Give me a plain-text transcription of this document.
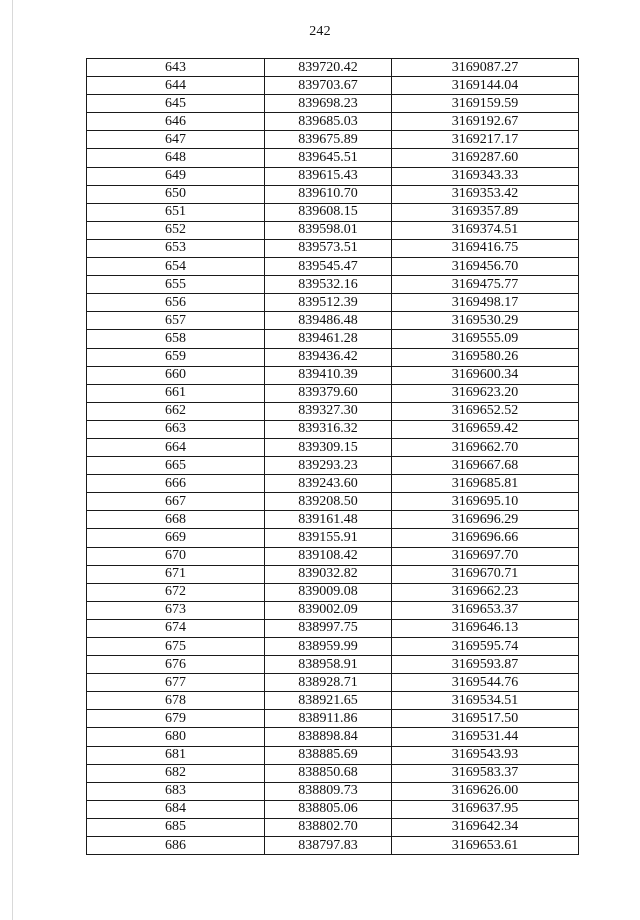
242
643	839720.42	3169087.27
644	839703.67	3169144.04
645	839698.23	3169159.59
646	839685.03	3169192.67
647	839675.89	3169217.17
648	839645.51	3169287.60
649	839615.43	3169343.33
650	839610.70	3169353.42
651	839608.15	3169357.89
652	839598.01	3169374.51
653	839573.51	3169416.75
654	839545.47	3169456.70
655	839532.16	3169475.77
656	839512.39	3169498.17
657	839486.48	3169530.29
658	839461.28	3169555.09
659	839436.42	3169580.26
660	839410.39	3169600.34
661	839379.60	3169623.20
662	839327.30	3169652.52
663	839316.32	3169659.42
664	839309.15	3169662.70
665	839293.23	3169667.68
666	839243.60	3169685.81
667	839208.50	3169695.10
668	839161.48	3169696.29
669	839155.91	3169696.66
670	839108.42	3169697.70
671	839032.82	3169670.71
672	839009.08	3169662.23
673	839002.09	3169653.37
674	838997.75	3169646.13
675	838959.99	3169595.74
676	838958.91	3169593.87
677	838928.71	3169544.76
678	838921.65	3169534.51
679	838911.86	3169517.50
680	838898.84	3169531.44
681	838885.69	3169543.93
682	838850.68	3169583.37
683	838809.73	3169626.00
684	838805.06	3169637.95
685	838802.70	3169642.34
686	838797.83	3169653.61
